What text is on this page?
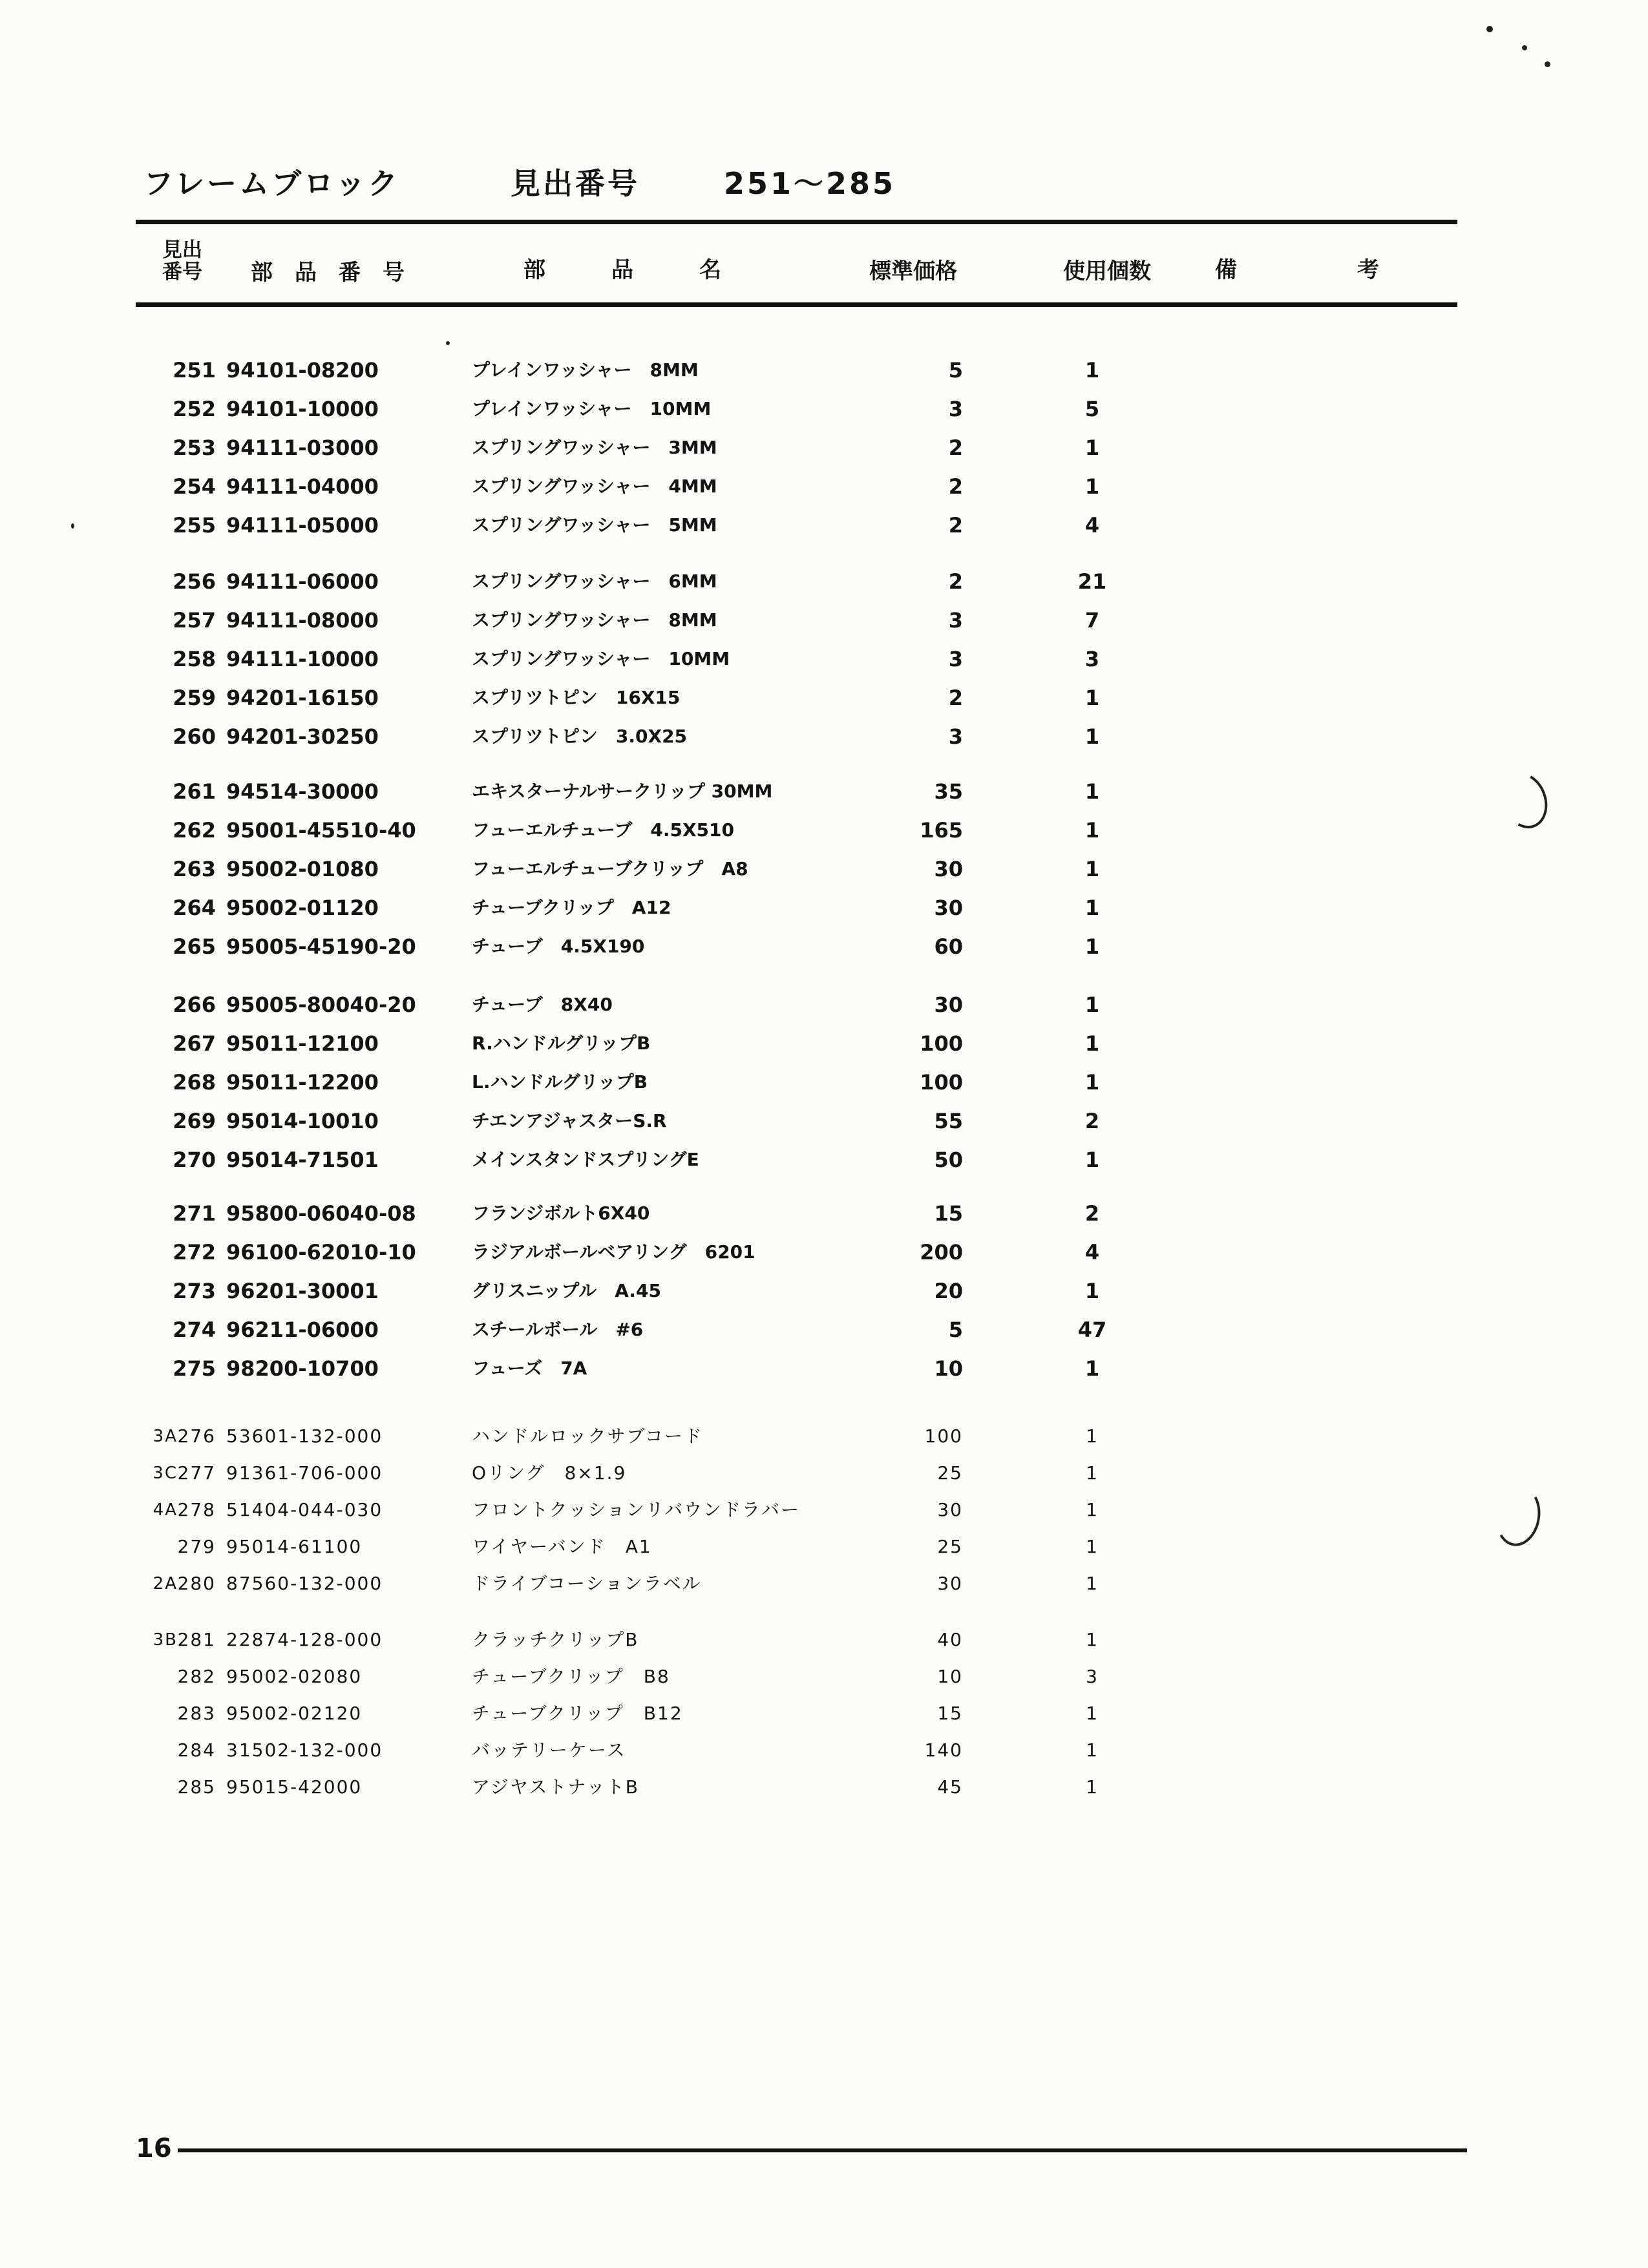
フレームブロック	見出番号	251～285
見出
番号 部　品　番　号	部　　　品　　　名	標準価格	使用個数	備	考
251 94101-08200	プレインワッシャー　8MM	5	1
252 94101-10000	プレインワッシャー　10MM	3	5
253 94111-03000	スプリングワッシャー　3MM	2	1
254 94111-04000	スプリングワッシャー　4MM	2	1
255 94111-05000	スプリングワッシャー　5MM	2	4
256 94111-06000	スプリングワッシャー　6MM	2	21
257 94111-08000	スプリングワッシャー　8MM	3	7
258 94111-10000	スプリングワッシャー　10MM	3	3
259 94201-16150	スプリツトピン　16X15	2	1
260 94201-30250	スプリツトピン　3.0X25	3	1
261 94514-30000	エキスターナルサークリップ 30MM	35	1
262 95001-45510-40	フューエルチューブ　4.5X510	165	1
263 95002-01080	フューエルチューブクリップ　A8	30	1
264 95002-01120	チューブクリップ　A12	30	1
265 95005-45190-20	チューブ　4.5X190	60	1
266 95005-80040-20	チューブ　8X40	30	1
267 95011-12100	R.ハンドルグリップB	100	1
268 95011-12200	L.ハンドルグリップB	100	1
269 95014-10010	チエンアジャスターS.R	55	2
270 95014-71501	メインスタンドスプリングE	50	1
271 95800-06040-08	フランジボルト6X40	15	2
272 96100-62010-10	ラジアルボールベアリング　6201	200	4
273 96201-30001	グリスニップル　A.45	20	1
274 96211-06000	スチールボール　#6	5	47
275 98200-10700	フューズ　7A	10	1
3A 276 53601-132-000	ハンドルロックサブコード	100	1
3C 277 91361-706-000	Oリング　8×1.9	25	1
4A 278 51404-044-030	フロントクッションリバウンドラバー	30	1
279 95014-61100	ワイヤーバンド　A1	25	1
2A 280 87560-132-000	ドライブコーションラベル	30	1
3B 281 22874-128-000	クラッチクリップB	40	1
282 95002-02080	チューブクリップ　B8	10	3
283 95002-02120	チューブクリップ　B12	15	1
284 31502-132-000	バッテリーケース	140	1
285 95015-42000	アジヤストナットB	45	1
16
